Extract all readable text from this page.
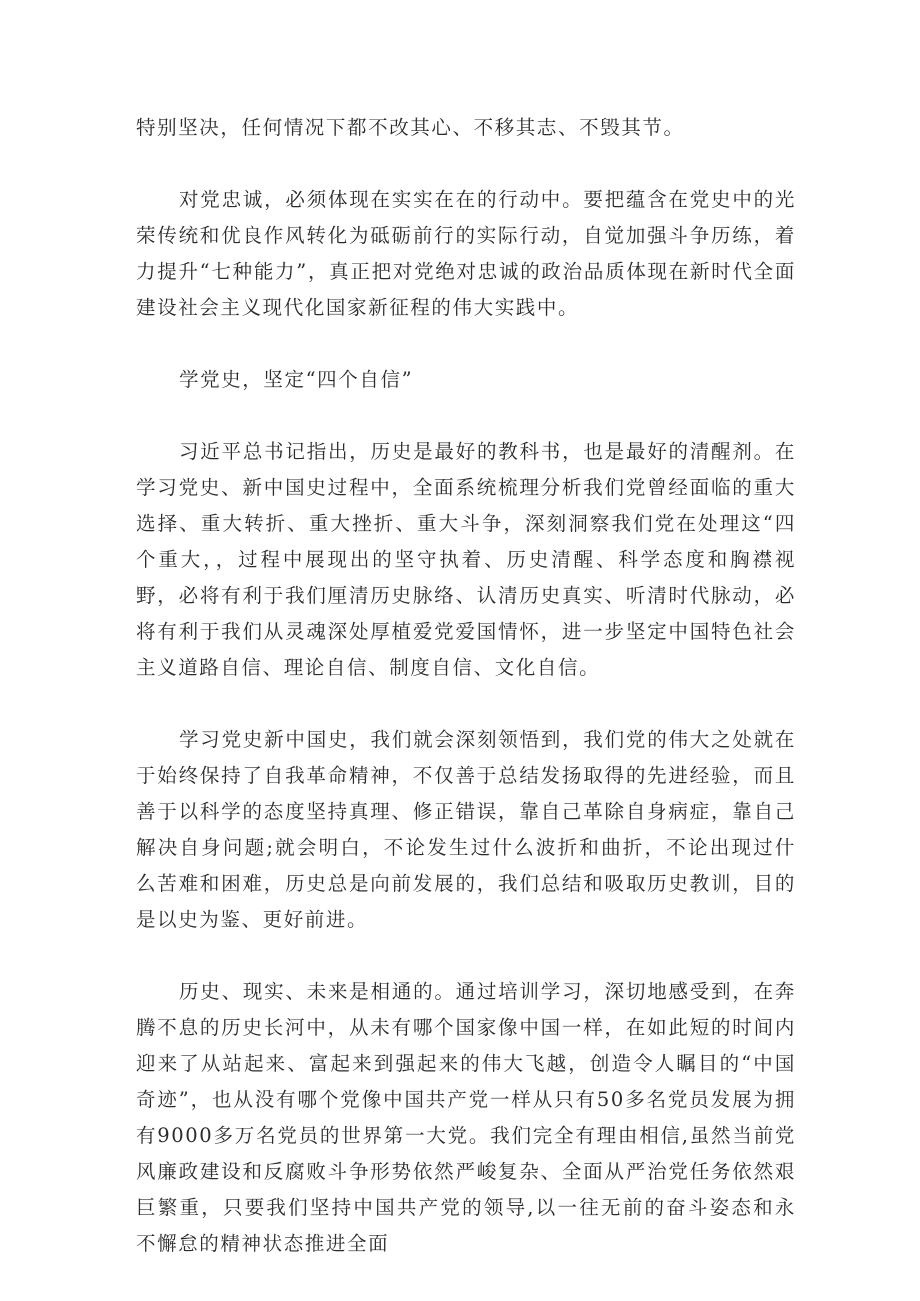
特别坚决，任何情况下都不改其心、不移其志、不毁其节。

对党忠诚，必须体现在实实在在的行动中。要把蕴含在党史中的光荣传统和优良作风转化为砥砺前行的实际行动，自觉加强斗争历练，着力提升“七种能力”，真正把对党绝对忠诚的政治品质体现在新时代全面建设社会主义现代化国家新征程的伟大实践中。

学党史，坚定“四个自信”

习近平总书记指出，历史是最好的教科书，也是最好的清醒剂。在学习党史、新中国史过程中，全面系统梳理分析我们党曾经面临的重大选择、重大转折、重大挫折、重大斗争，深刻洞察我们党在处理这“四个重大，，过程中展现出的坚守执着、历史清醒、科学态度和胸襟视野，必将有利于我们厘清历史脉络、认清历史真实、听清时代脉动，必将有利于我们从灵魂深处厚植爱党爱国情怀，进一步坚定中国特色社会主义道路自信、理论自信、制度自信、文化自信。

学习党史新中国史，我们就会深刻领悟到，我们党的伟大之处就在于始终保持了自我革命精神，不仅善于总结发扬取得的先进经验，而且善于以科学的态度坚持真理、修正错误，靠自己革除自身病症，靠自己解决自身问题;就会明白，不论发生过什么波折和曲折，不论出现过什么苦难和困难，历史总是向前发展的，我们总结和吸取历史教训，目的是以史为鉴、更好前进。

历史、现实、未来是相通的。通过培训学习，深切地感受到，在奔腾不息的历史长河中，从未有哪个国家像中国一样，在如此短的时间内迎来了从站起来、富起来到强起来的伟大飞越，创造令人瞩目的“中国奇迹”，也从没有哪个党像中国共产党一样从只有50多名党员发展为拥有9000多万名党员的世界第一大党。我们完全有理由相信,虽然当前党风廉政建设和反腐败斗争形势依然严峻复杂、全面从严治党任务依然艰巨繁重，只要我们坚持中国共产党的领导,以一往无前的奋斗姿态和永不懈怠的精神状态推进全面
